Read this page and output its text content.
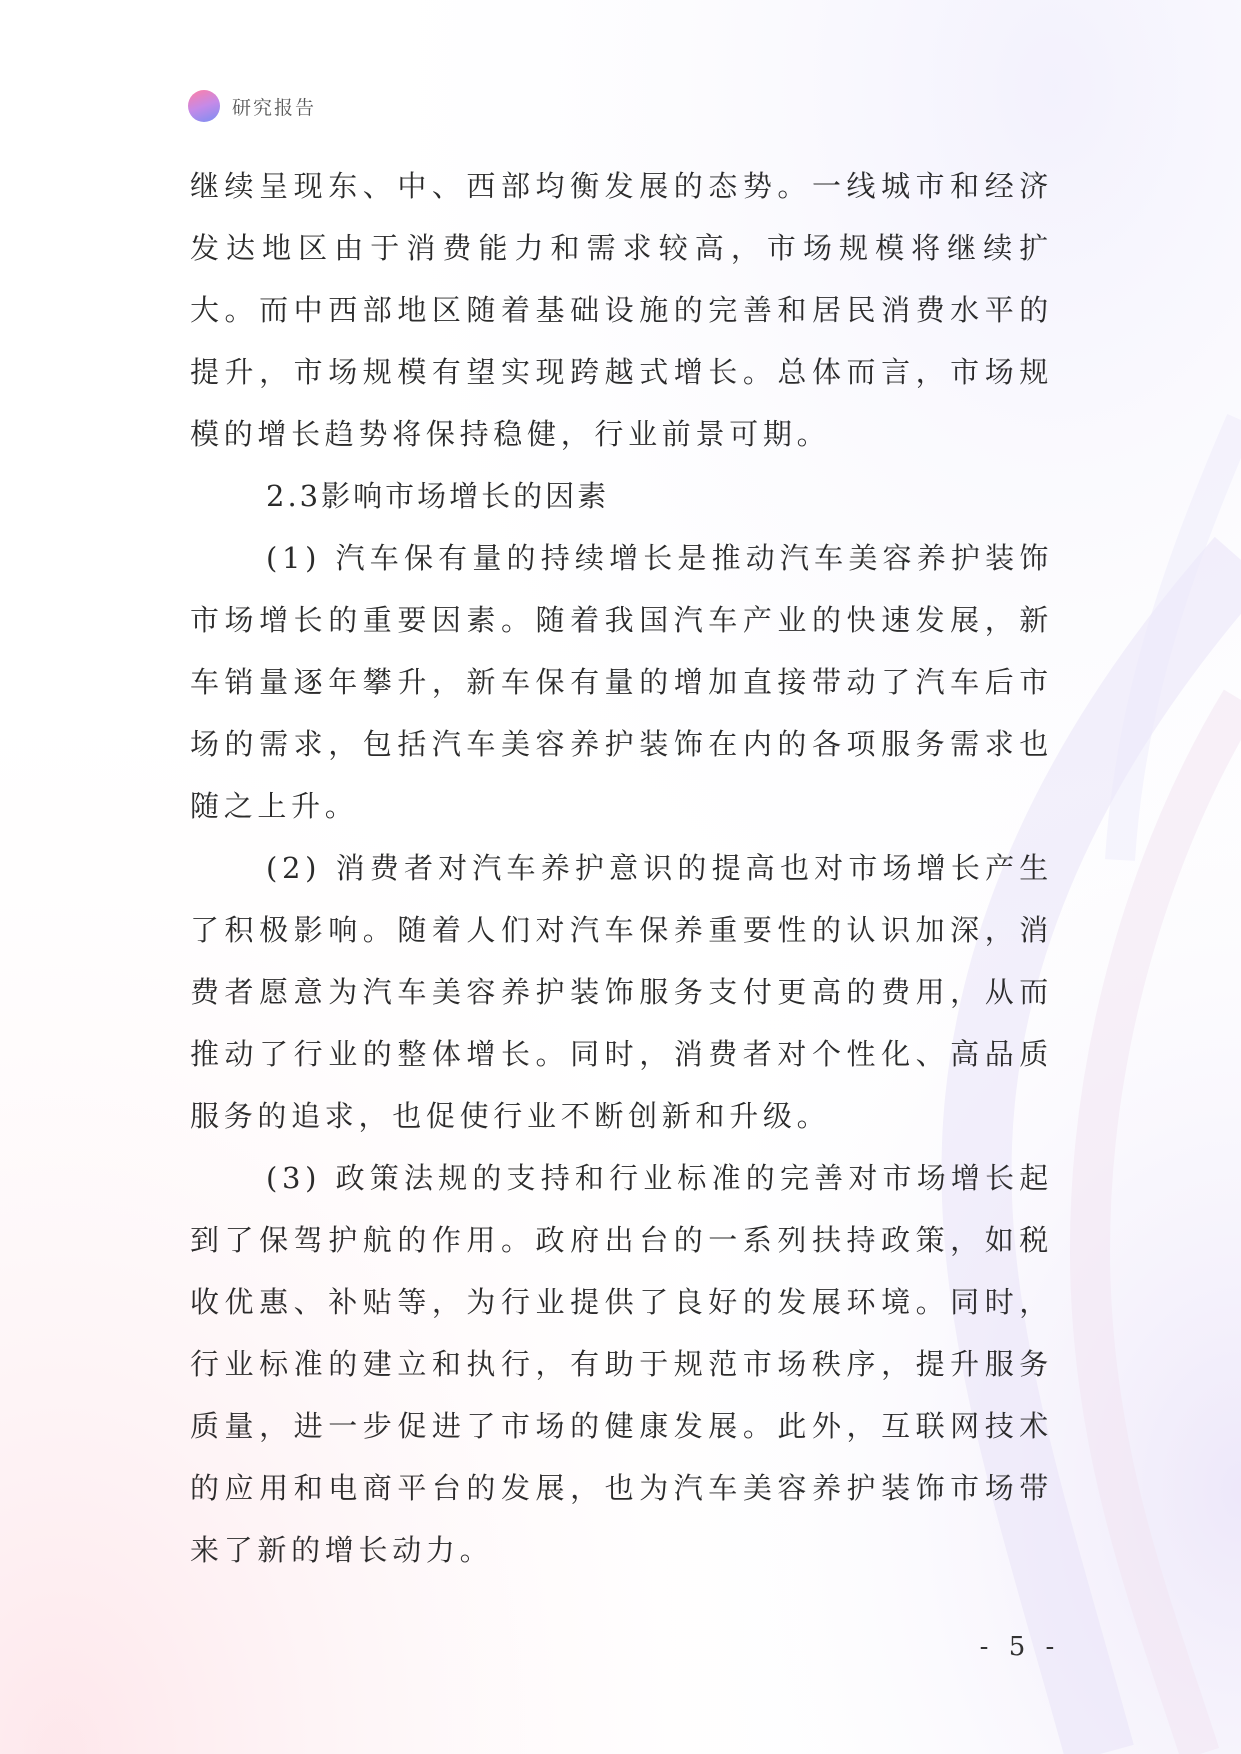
研究报告

继续呈现东、中、西部均衡发展的态势。一线城市和经济发达地区由于消费能力和需求较高，市场规模将继续扩大。而中西部地区随着基础设施的完善和居民消费水平的提升，市场规模有望实现跨越式增长。总体而言，市场规模的增长趋势将保持稳健，行业前景可期。

2.3影响市场增长的因素

(1) 汽车保有量的持续增长是推动汽车美容养护装饰市场增长的重要因素。随着我国汽车产业的快速发展，新车销量逐年攀升，新车保有量的增加直接带动了汽车后市场的需求，包括汽车美容养护装饰在内的各项服务需求也随之上升。

(2) 消费者对汽车养护意识的提高也对市场增长产生了积极影响。随着人们对汽车保养重要性的认识加深，消费者愿意为汽车美容养护装饰服务支付更高的费用，从而推动了行业的整体增长。同时，消费者对个性化、高品质服务的追求，也促使行业不断创新和升级。

(3) 政策法规的支持和行业标准的完善对市场增长起到了保驾护航的作用。政府出台的一系列扶持政策，如税收优惠、补贴等，为行业提供了良好的发展环境。同时，行业标准的建立和执行，有助于规范市场秩序，提升服务质量，进一步促进了市场的健康发展。此外，互联网技术的应用和电商平台的发展，也为汽车美容养护装饰市场带来了新的增长动力。

- 5 -
